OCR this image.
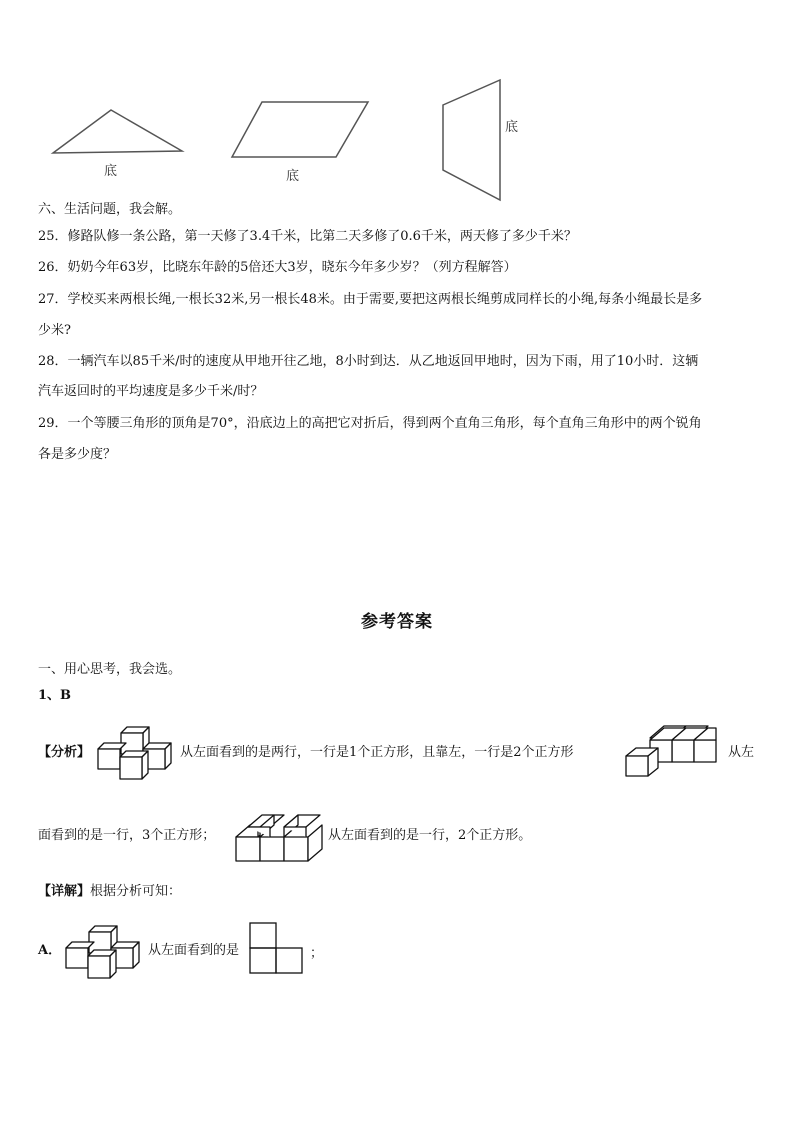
底	底
底
六、生活问题，我会解。
25．修路队修一条公路，第一天修了3.4千米，比第二天多修了0.6千米，两天修了多少千米？
26．奶奶今年63岁，比晓东年龄的5倍还大3岁，晓东今年多少岁？（列方程解答）
27．学校买来两根长绳,一根长32米,另一根长48米。由于需要,要把这两根长绳剪成同样长的小绳,每条小绳最长是多
少米?
28．一辆汽车以85千米/时的速度从甲地开往乙地，8小时到达．从乙地返回甲地时，因为下雨，用了10小时．这辆
汽车返回时的平均速度是多少千米/时？
29．一个等腰三角形的顶角是70°，沿底边上的高把它对折后，得到两个直角三角形，每个直角三角形中的两个锐角
各是多少度？
参考答案
一、用心思考，我会选。
1、B
【分析】	从左面看到的是两行，一行是1个正方形，且靠左，一行是2个正方形	从左
面看到的是一行，3个正方形；	从左面看到的是一行，2个正方形。
【详解】根据分析可知：
A．	从左面看到的是	；
